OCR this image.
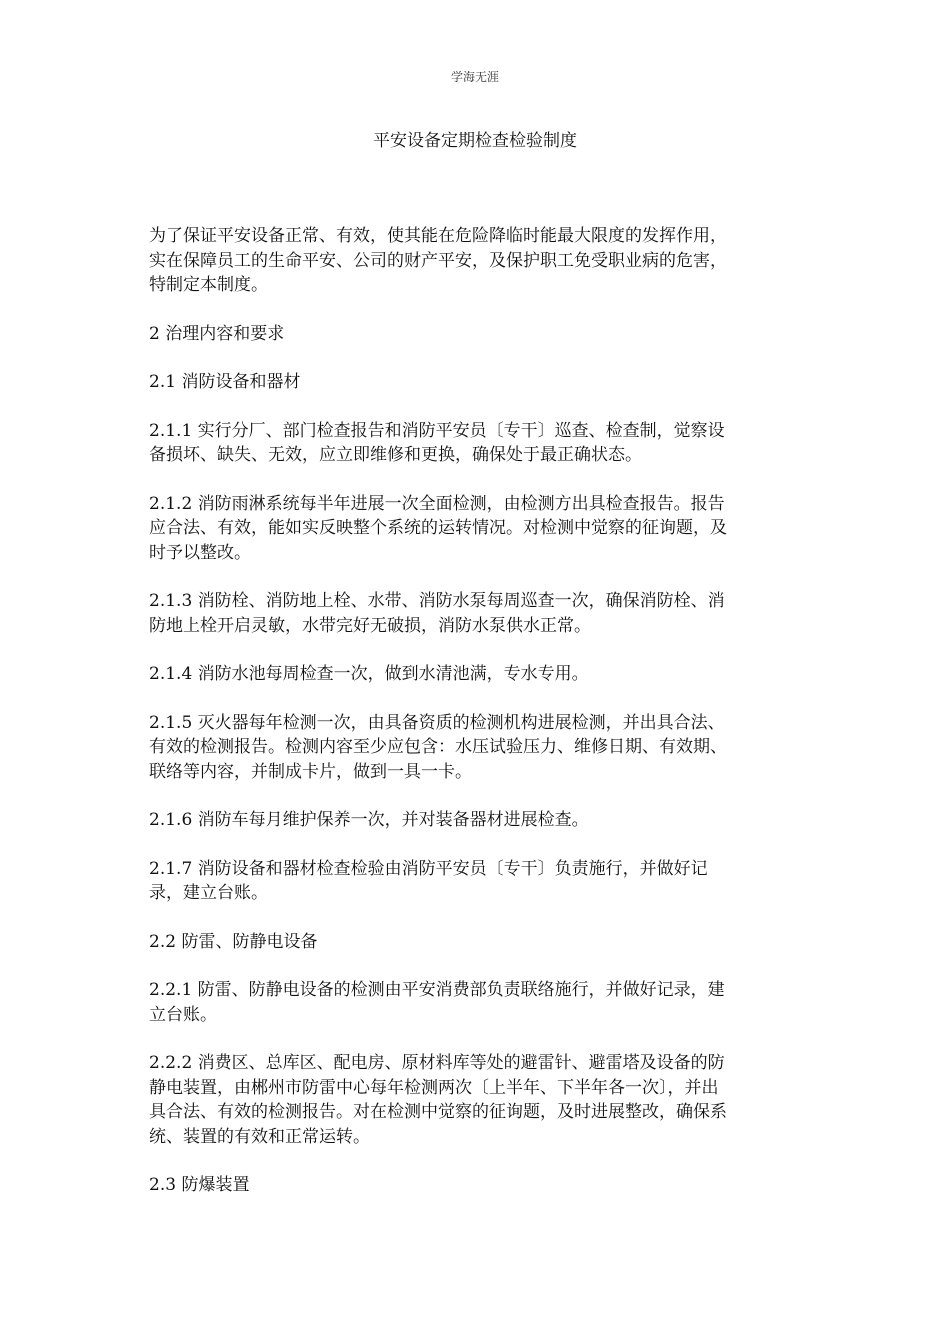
学海无涯
平安设备定期检查检验制度

为了保证平安设备正常、有效，使其能在危险降临时能最大限度的发挥作用，
实在保障员工的生命平安、公司的财产平安，及保护职工免受职业病的危害，
特制定本制度。

2 治理内容和要求

2.1 消防设备和器材

2.1.1 实行分厂、部门检查报告和消防平安员〔专干〕巡查、检查制，觉察设
备损坏、缺失、无效，应立即维修和更换，确保处于最正确状态。

2.1.2 消防雨淋系统每半年进展一次全面检测，由检测方出具检查报告。报告
应合法、有效，能如实反映整个系统的运转情况。对检测中觉察的征询题，及
时予以整改。

2.1.3 消防栓、消防地上栓、水带、消防水泵每周巡查一次，确保消防栓、消
防地上栓开启灵敏，水带完好无破损，消防水泵供水正常。

2.1.4 消防水池每周检查一次，做到水清池满，专水专用。

2.1.5 灭火器每年检测一次，由具备资质的检测机构进展检测，并出具合法、
有效的检测报告。检测内容至少应包含：水压试验压力、维修日期、有效期、
联络等内容，并制成卡片，做到一具一卡。

2.1.6 消防车每月维护保养一次，并对装备器材进展检查。

2.1.7 消防设备和器材检查检验由消防平安员〔专干〕负责施行，并做好记
录，建立台账。

2.2 防雷、防静电设备

2.2.1 防雷、防静电设备的检测由平安消费部负责联络施行，并做好记录，建
立台账。

2.2.2 消费区、总库区、配电房、原材料库等处的避雷针、避雷塔及设备的防
静电装置，由郴州市防雷中心每年检测两次〔上半年、下半年各一次〕，并出
具合法、有效的检测报告。对在检测中觉察的征询题，及时进展整改，确保系
统、装置的有效和正常运转。

2.3 防爆装置
